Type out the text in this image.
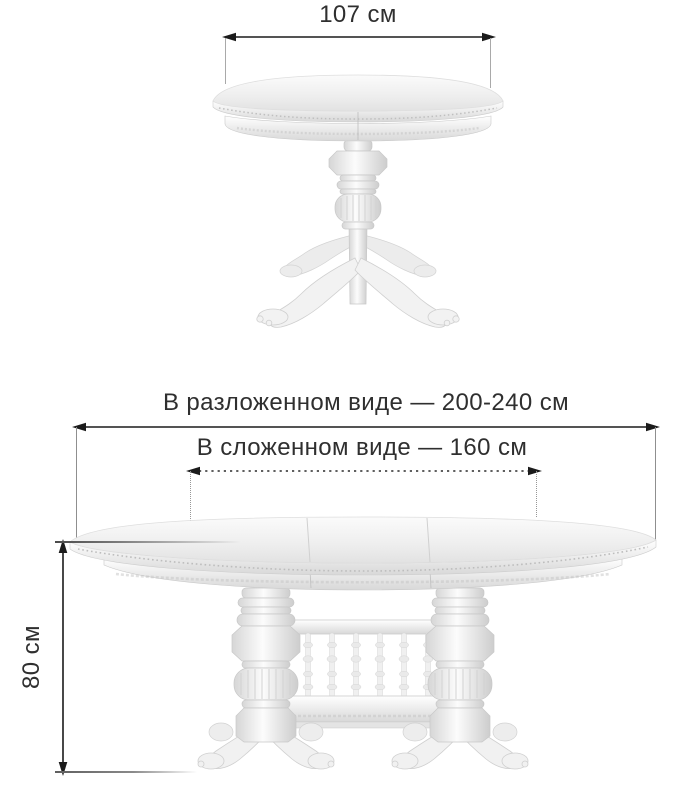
107 см
В разложенном виде — 200-240 см
В сложенном виде — 160 см
80 см
